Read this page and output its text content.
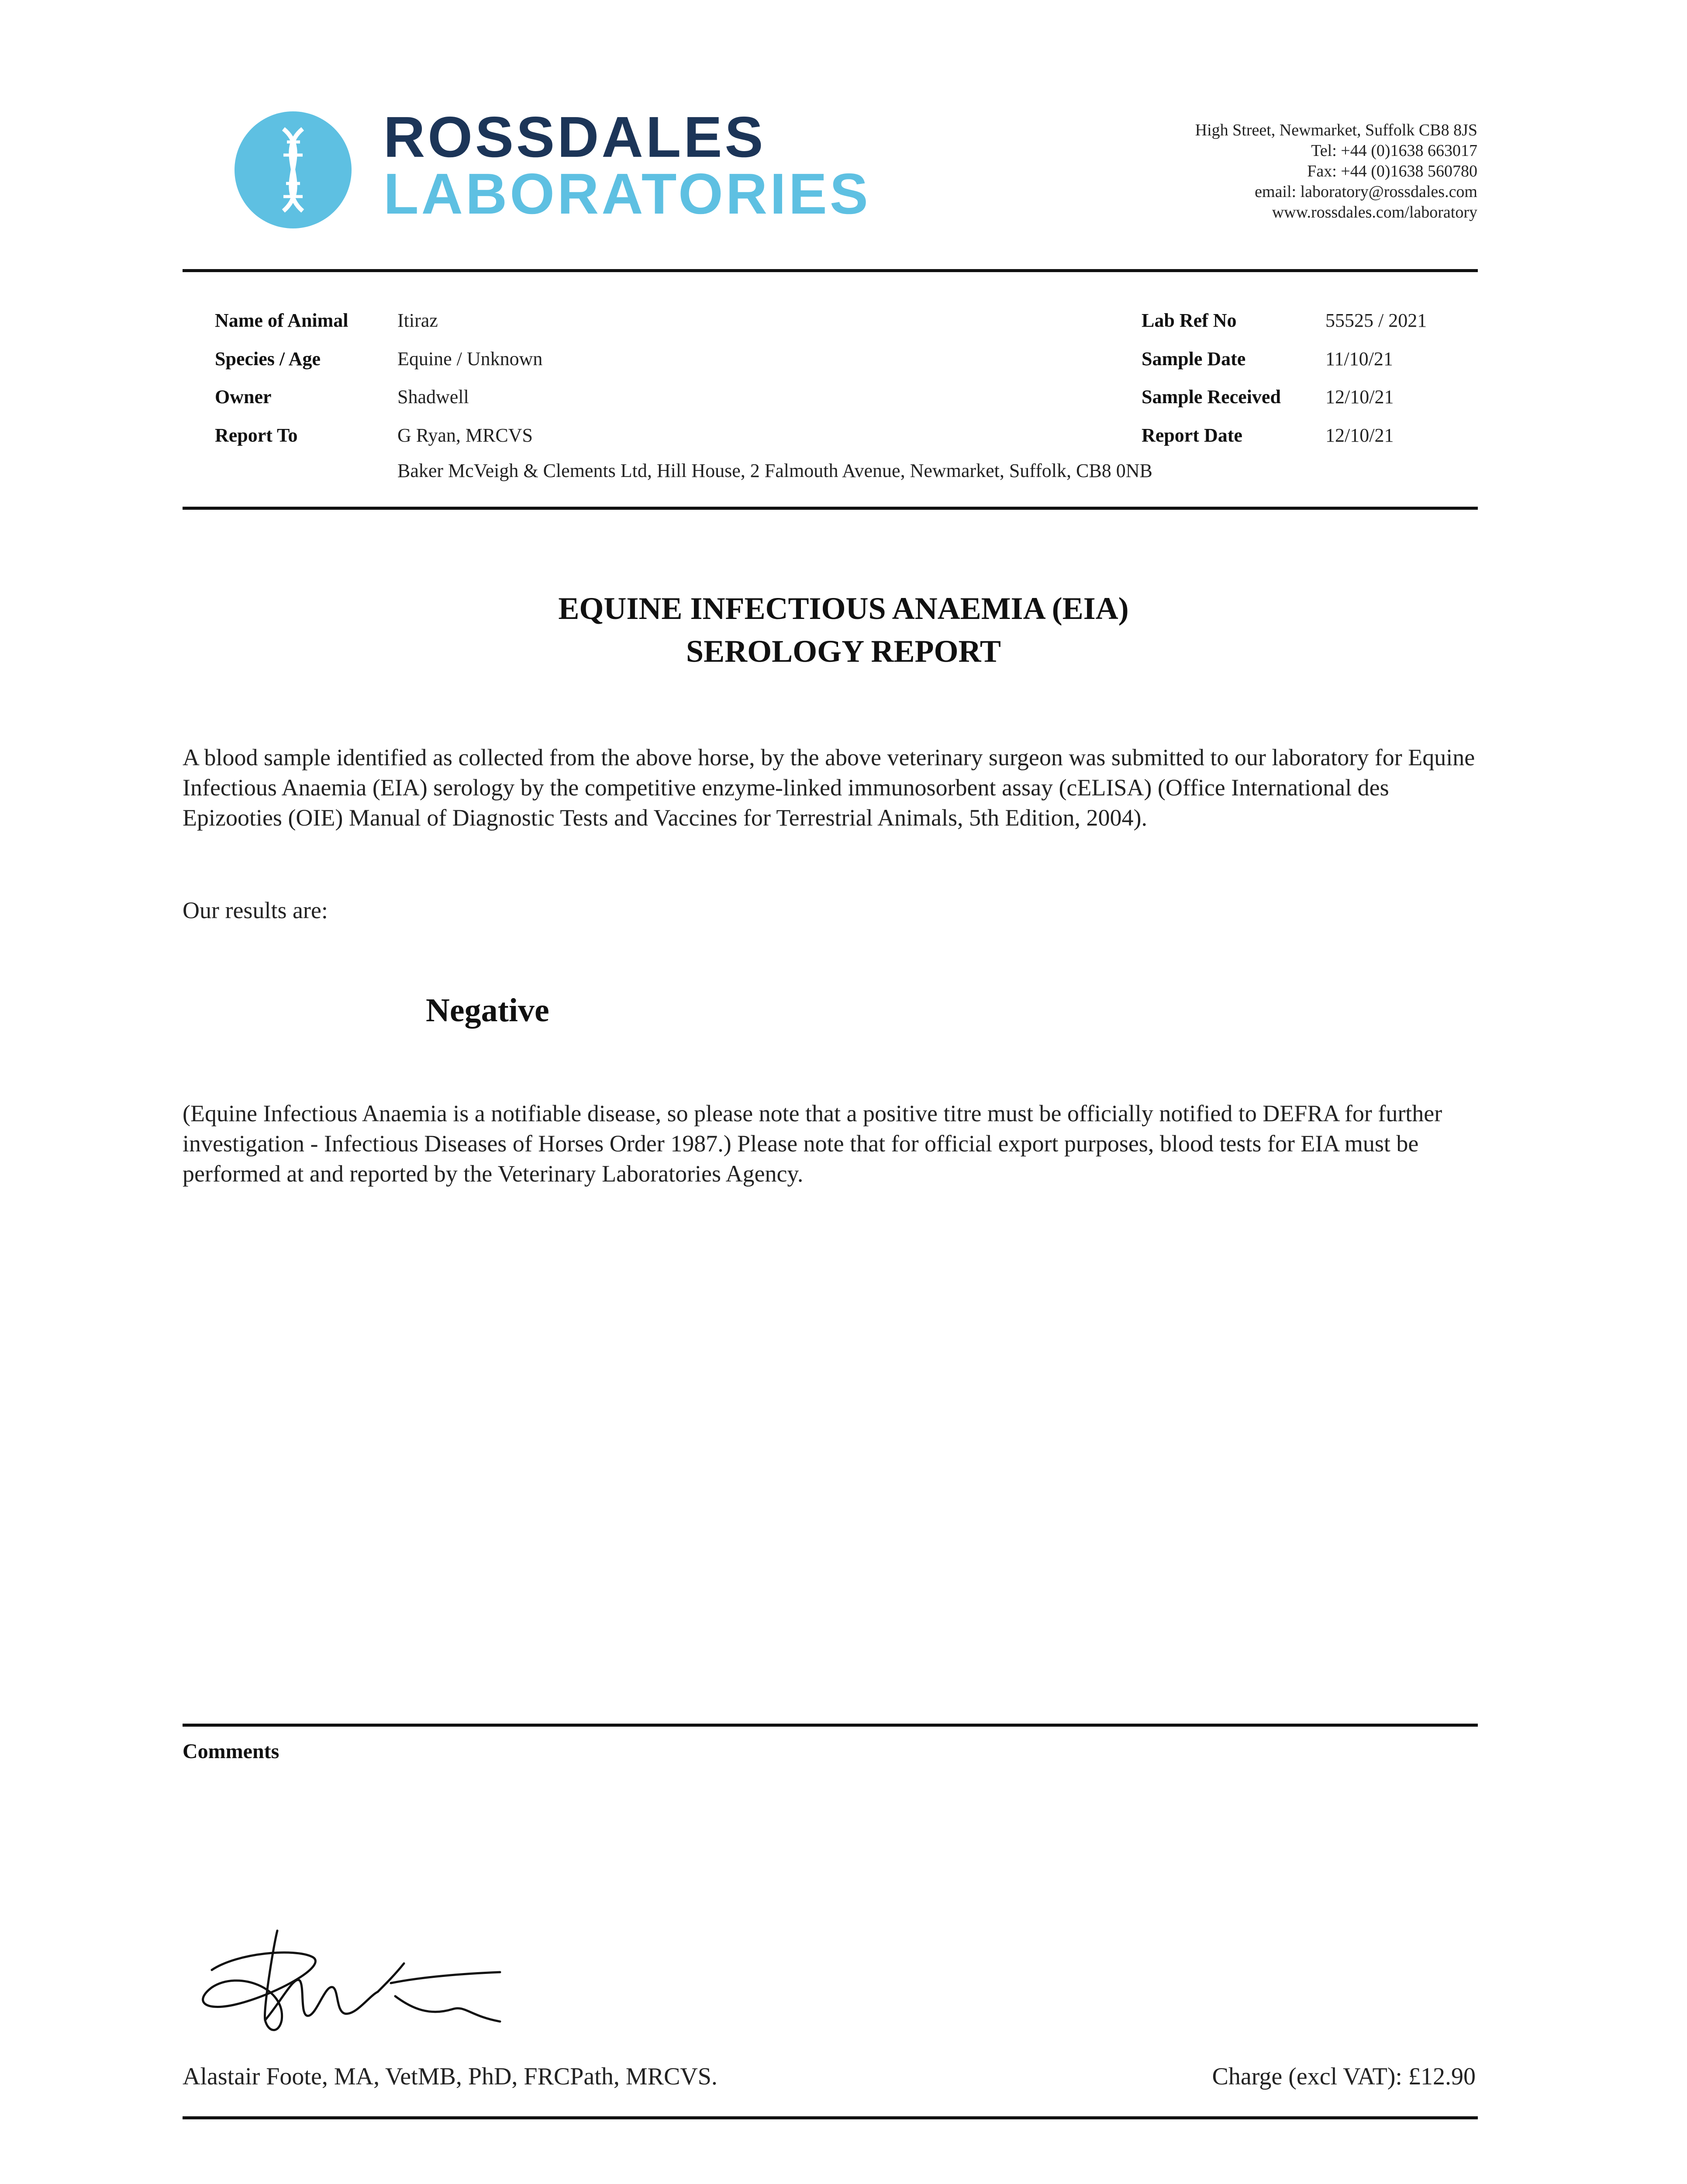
ROSSDALES
LABORATORIES
High Street, Newmarket, Suffolk CB8 8JS
Tel: +44 (0)1638 663017
Fax: +44 (0)1638 560780
email: laboratory@rossdales.com
www.rossdales.com/laboratory
Name of Animal	Itiraz
Species / Age	Equine / Unknown
Owner	Shadwell
Report To	G Ryan, MRCVS
Baker McVeigh & Clements Ltd, Hill House, 2 Falmouth Avenue, Newmarket, Suffolk, CB8 0NB
Lab Ref No	55525 / 2021
Sample Date	11/10/21
Sample Received 12/10/21
Report Date	12/10/21
EQUINE INFECTIOUS ANAEMIA (EIA)
SEROLOGY REPORT
A blood sample identified as collected from the above horse, by the above veterinary surgeon was submitted to our laboratory for Equine Infectious Anaemia (EIA) serology by the competitive enzyme-linked immunosorbent assay (cELISA) (Office International des Epizooties (OIE) Manual of Diagnostic Tests and Vaccines for Terrestrial Animals, 5th Edition, 2004).
Our results are:
Negative
(Equine Infectious Anaemia is a notifiable disease, so please note that a positive titre must be officially notified to DEFRA for further investigation - Infectious Diseases of Horses Order 1987.) Please note that for official export purposes, blood tests for EIA must be performed at and reported by the Veterinary Laboratories Agency.
Comments
Alastair Foote, MA, VetMB, PhD, FRCPath, MRCVS.	Charge (excl VAT): £12.90
